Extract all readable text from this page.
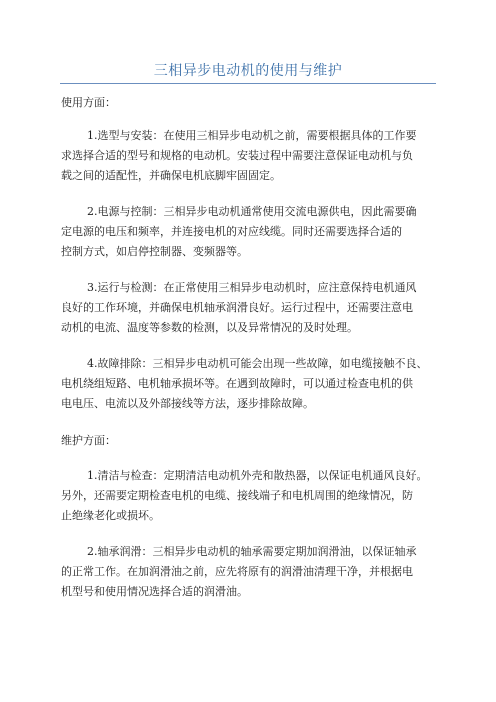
三相异步电动机的使用与维护
使用方面：
1.选型与安装：在使用三相异步电动机之前，需要根据具体的工作要
求选择合适的型号和规格的电动机。安装过程中需要注意保证电动机与负
载之间的适配性，并确保电机底脚牢固固定。
2.电源与控制：三相异步电动机通常使用交流电源供电，因此需要确
定电源的电压和频率，并连接电机的对应线缆。同时还需要选择合适的
控制方式，如启停控制器、变频器等。
3.运行与检测：在正常使用三相异步电动机时，应注意保持电机通风
良好的工作环境，并确保电机轴承润滑良好。运行过程中，还需要注意电
动机的电流、温度等参数的检测，以及异常情况的及时处理。
4.故障排除：三相异步电动机可能会出现一些故障，如电缆接触不良、
电机绕组短路、电机轴承损坏等。在遇到故障时，可以通过检查电机的供
电电压、电流以及外部接线等方法，逐步排除故障。
维护方面：
1.清洁与检查：定期清洁电动机外壳和散热器，以保证电机通风良好。
另外，还需要定期检查电机的电缆、接线端子和电机周围的绝缘情况，防
止绝缘老化或损坏。
2.轴承润滑：三相异步电动机的轴承需要定期加润滑油，以保证轴承
的正常工作。在加润滑油之前，应先将原有的润滑油清理干净，并根据电
机型号和使用情况选择合适的润滑油。
